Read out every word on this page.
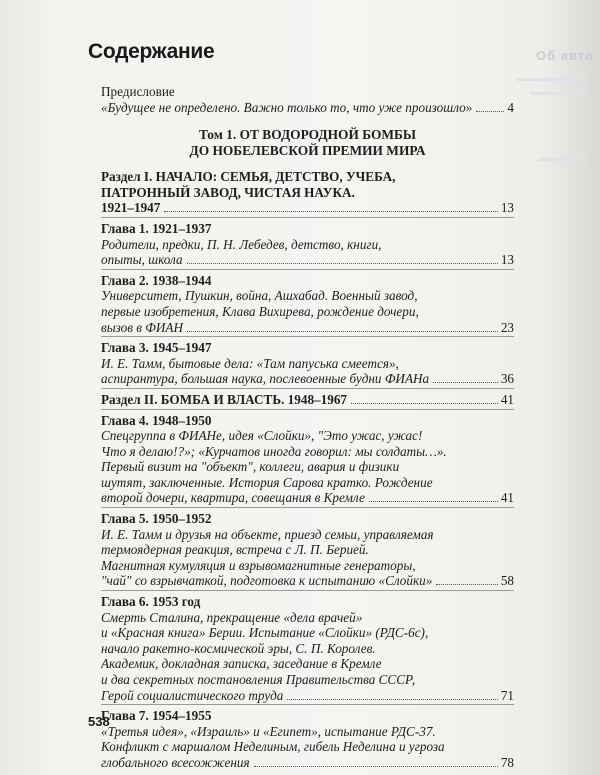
Содержание	Об авто
Предисловие
«Будущее не определено. Важно только то, что уже произошло»	4
Том 1. ОТ ВОДОРОДНОЙ БОМБЫ
ДО НОБЕЛЕВСКОЙ ПРЕМИИ МИРА
Раздел I. НАЧАЛО: СЕМЬЯ, ДЕТСТВО, УЧЕБА,
ПАТРОННЫЙ ЗАВОД, ЧИСТАЯ НАУКА.
1921–1947	13
Глава 1. 1921–1937
Родители, предки, П. Н. Лебедев, детство, книги,
опыты, школа	13
Глава 2. 1938–1944
Университет, Пушкин, война, Ашхабад. Военный завод,
первые изобретения, Клава Вихирева, рождение дочери,
вызов в ФИАН	23
Глава 3. 1945–1947
И. Е. Тамм, бытовые дела: «Там папуська смеется»,
аспирантура, большая наука, послевоенные будни ФИАНа	36
Раздел II. БОМБА И ВЛАСТЬ. 1948–1967	41
Глава 4. 1948–1950
Спецгруппа в ФИАНе, идея «Слойки», "Это ужас, ужас!
Что я делаю!?»; «Курчатов иногда говорил: мы солдаты…».
Первый визит на "объект", коллеги, авария и физики
шутят, заключенные. История Сарова кратко. Рождение
второй дочери, квартира, совещания в Кремле	41
Глава 5. 1950–1952
И. Е. Тамм и друзья на объекте, приезд семьи, управляемая
термоядерная реакция, встреча с Л. П. Берией.
Магнитная кумуляция и взрывомагнитные генераторы,
"чай" со взрывчаткой, подготовка к испытанию «Слойки»	58
Глава 6. 1953 год
Смерть Сталина, прекращение «дела врачей»
и «Красная книга» Берии. Испытание «Слойки» (РДС-6с),
начало ракетно-космической эры, С. П. Королев.
Академик, докладная записка, заседание в Кремле
и два секретных постановления Правительства СССР,
Герой социалистического труда	71
Глава 7. 1954–1955
«Третья идея», «Израиль» и «Египет», испытание РДС-37.
Конфликт с маршалом Неделиным, гибель Неделина и угроза
глобального всесожжения	78
538
